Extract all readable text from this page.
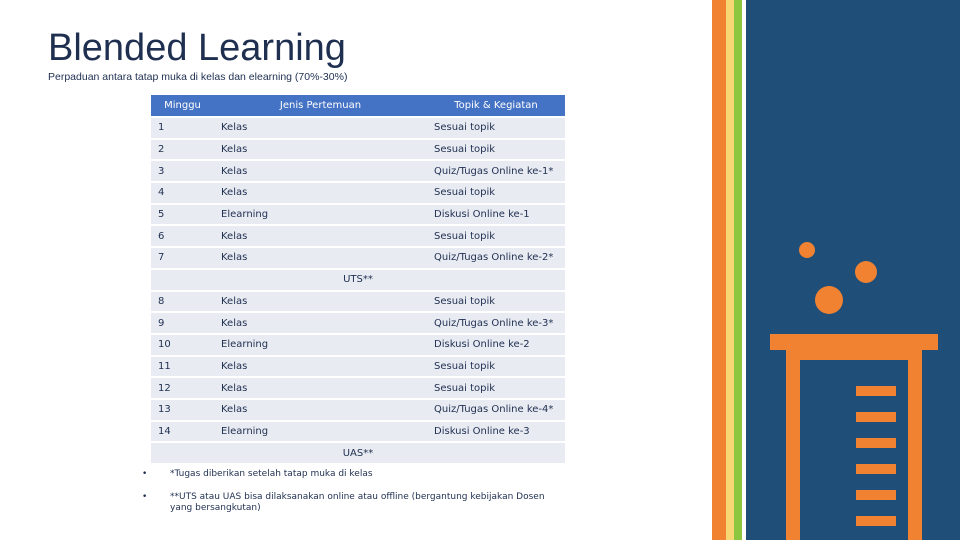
Blended Learning
Perpaduan antara tatap muka di kelas dan elearning (70%-30%)
Minggu	Jenis Pertemuan	Topik & Kegiatan
1	Kelas	Sesuai topik
2	Kelas	Sesuai topik
3	Kelas	Quiz/Tugas Online ke-1*
4	Kelas	Sesuai topik
5	Elearning	Diskusi Online ke-1
6	Kelas	Sesuai topik
7	Kelas	Quiz/Tugas Online ke-2*
UTS**		
8	Kelas	Sesuai topik
9	Kelas	Quiz/Tugas Online ke-3*
10	Elearning	Diskusi Online ke-2
11	Kelas	Sesuai topik
12	Kelas	Sesuai topik
13	Kelas	Quiz/Tugas Online ke-4*
14	Elearning	Diskusi Online ke-3
UAS**		
•	*Tugas diberikan setelah tatap muka di kelas
•	**UTS atau UAS bisa dilaksanakan online atau offline (bergantung kebijakan Dosen yang bersangkutan)
